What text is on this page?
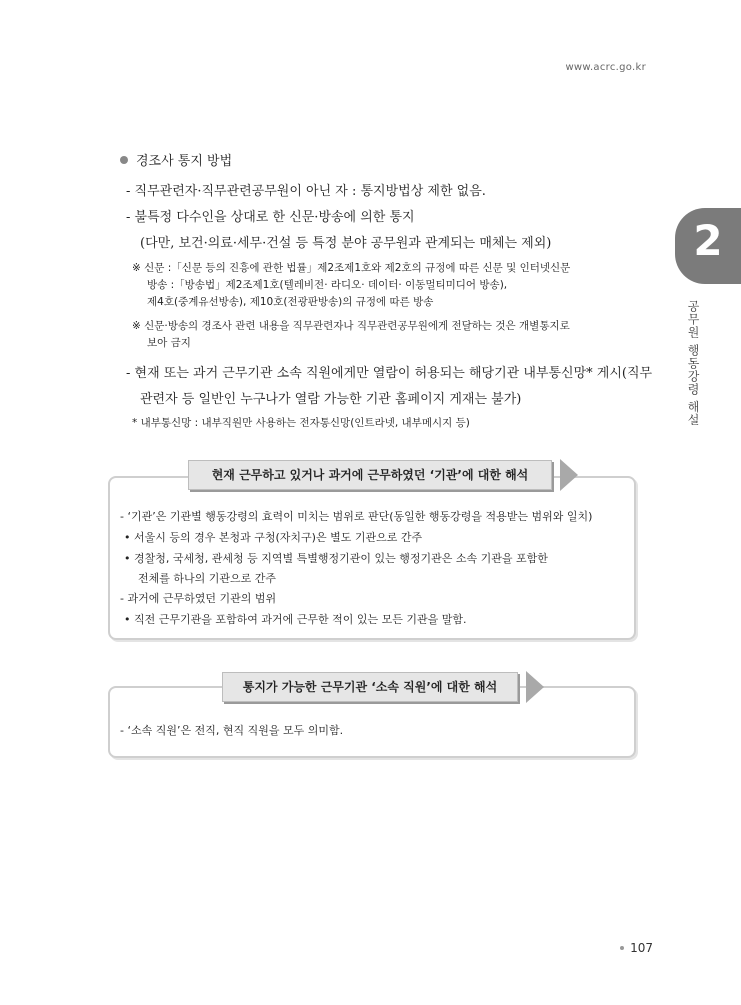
www.acrc.go.kr
2
공무원 행동강령 해설
경조사 통지 방법
- 직무관련자·직무관련공무원이 아닌 자 : 통지방법상 제한 없음.
- 불특정 다수인을 상대로 한 신문·방송에 의한 통지
(다만, 보건·의료·세무·건설 등 특정 분야 공무원과 관계되는 매체는 제외)
※ 신문 :「신문 등의 진흥에 관한 법률」제2조제1호와 제2호의 규정에 따른 신문 및 인터넷신문
방송 :「방송법」제2조제1호(텔레비전· 라디오· 데이터· 이동멀티미디어 방송),
제4호(중계유선방송), 제10호(전광판방송)의 규정에 따른 방송
※ 신문·방송의 경조사 관련 내용을 직무관련자나 직무관련공무원에게 전달하는 것은 개별통지로
보아 금지
- 현재 또는 과거 근무기관 소속 직원에게만 열람이 허용되는 해당기관 내부통신망* 게시(직무
관련자 등 일반인 누구나가 열람 가능한 기관 홈페이지 게재는 불가)
* 내부통신망 : 내부직원만 사용하는 전자통신망(인트라넷, 내부메시지 등)
- ‘기관’은 기관별 행동강령의 효력이 미치는 범위로 판단(동일한 행동강령을 적용받는 범위와 일치)
• 서울시 등의 경우 본청과 구청(자치구)은 별도 기관으로 간주
• 경찰청, 국세청, 관세청 등 지역별 특별행정기관이 있는 행정기관은 소속 기관을 포함한
전체를 하나의 기관으로 간주
- 과거에 근무하였던 기관의 범위
• 직전 근무기관을 포함하여 과거에 근무한 적이 있는 모든 기관을 말함.
현재 근무하고 있거나 과거에 근무하였던 ‘기관’에 대한 해석
- ‘소속 직원’은 전직, 현직 직원을 모두 의미함.
통지가 가능한 근무기관 ‘소속 직원’에 대한 해석
107
